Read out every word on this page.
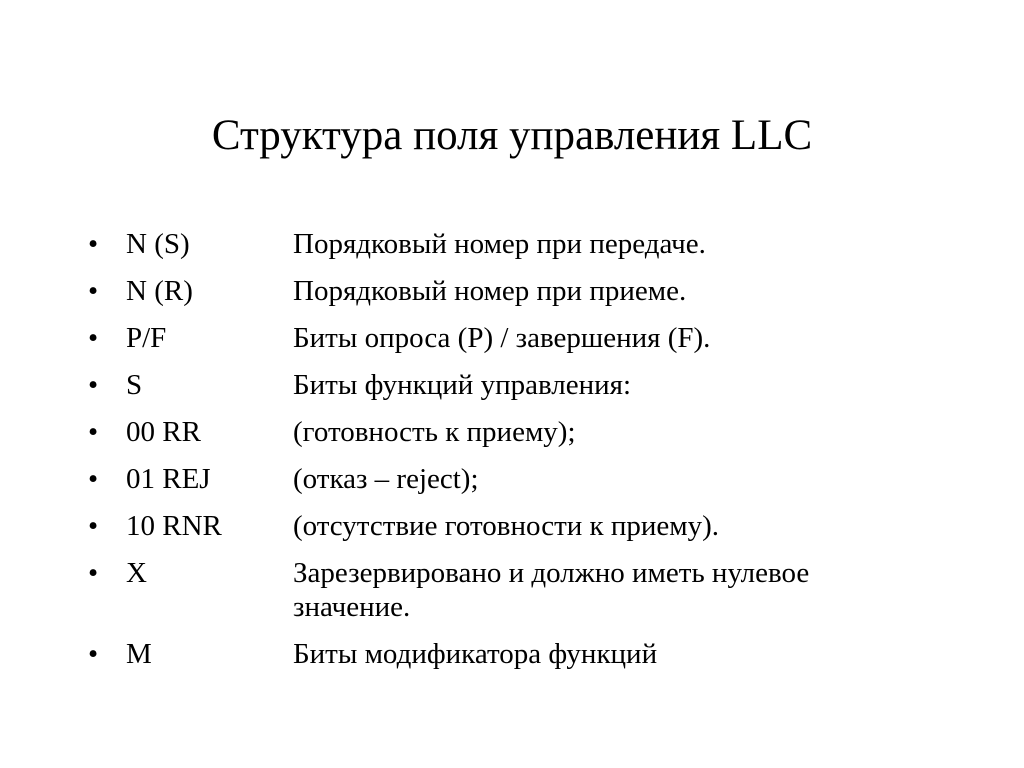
Структура поля управления LLC
• N (S)	Порядковый номер при передаче.
• N (R)	Порядковый номер при приеме.
• P/F	Биты опроса (P) / завершения (F).
• S	Биты функций управления:
• 00 RR	(готовность к приему);
• 01 REJ	(отказ – reject);
• 10 RNR	(отсутствие готовности к приему).
• X	Зарезервировано и должно иметь нулевое значение.
• M	Биты модификатора функций
